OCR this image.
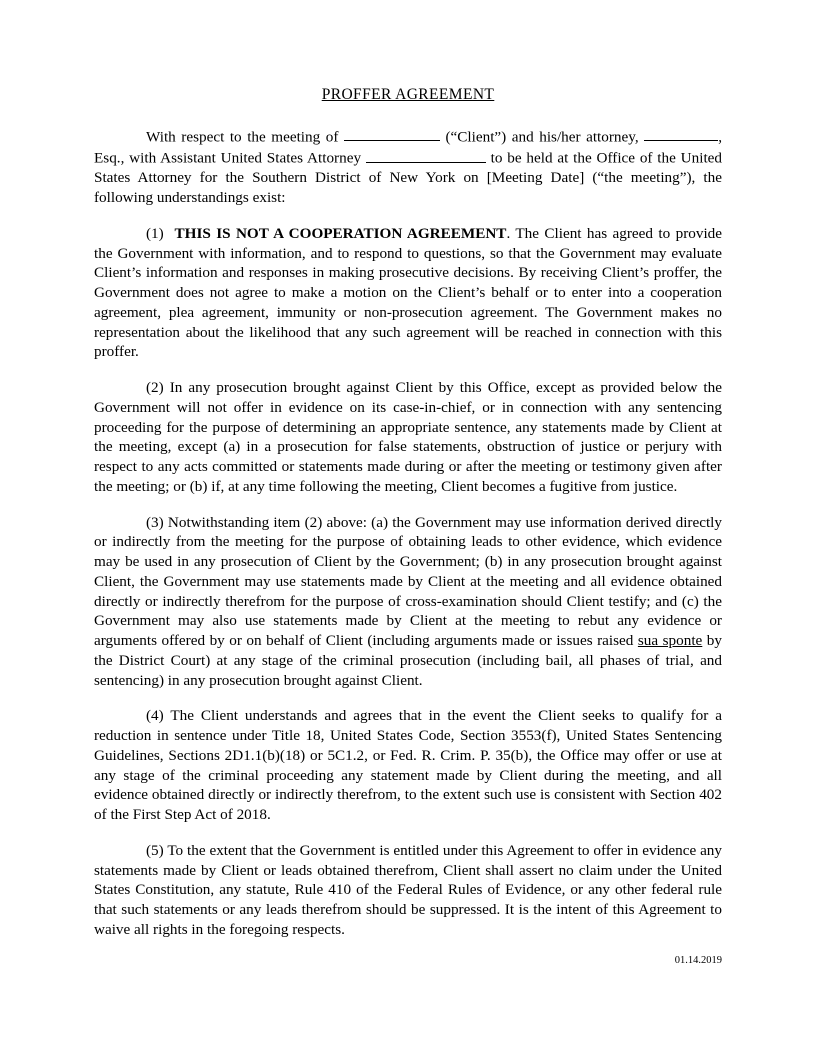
PROFFER AGREEMENT

With respect to the meeting of	(“Client”) and his/her attorney,	, Esq., with Assistant United States Attorney	to be held at the Office of the United States Attorney for the Southern District of New York on [Meeting Date] (“the meeting”), the following understandings exist:

(1) THIS IS NOT A COOPERATION AGREEMENT. The Client has agreed to provide the Government with information, and to respond to questions, so that the Government may evaluate Client’s information and responses in making prosecutive decisions. By receiving Client’s proffer, the Government does not agree to make a motion on the Client’s behalf or to enter into a cooperation agreement, plea agreement, immunity or non-prosecution agreement. The Government makes no representation about the likelihood that any such agreement will be reached in connection with this proffer.

(2) In any prosecution brought against Client by this Office, except as provided below the Government will not offer in evidence on its case-in-chief, or in connection with any sentencing proceeding for the purpose of determining an appropriate sentence, any statements made by Client at the meeting, except (a) in a prosecution for false statements, obstruction of justice or perjury with respect to any acts committed or statements made during or after the meeting or testimony given after the meeting; or (b) if, at any time following the meeting, Client becomes a fugitive from justice.

(3) Notwithstanding item (2) above: (a) the Government may use information derived directly or indirectly from the meeting for the purpose of obtaining leads to other evidence, which evidence may be used in any prosecution of Client by the Government; (b) in any prosecution brought against Client, the Government may use statements made by Client at the meeting and all evidence obtained directly or indirectly therefrom for the purpose of cross-examination should Client testify; and (c) the Government may also use statements made by Client at the meeting to rebut any evidence or arguments offered by or on behalf of Client (including arguments made or issues raised sua sponte by the District Court) at any stage of the criminal prosecution (including bail, all phases of trial, and sentencing) in any prosecution brought against Client.

(4) The Client understands and agrees that in the event the Client seeks to qualify for a reduction in sentence under Title 18, United States Code, Section 3553(f), United States Sentencing Guidelines, Sections 2D1.1(b)(18) or 5C1.2, or Fed. R. Crim. P. 35(b), the Office may offer or use at any stage of the criminal proceeding any statement made by Client during the meeting, and all evidence obtained directly or indirectly therefrom, to the extent such use is consistent with Section 402 of the First Step Act of 2018.

(5) To the extent that the Government is entitled under this Agreement to offer in evidence any statements made by Client or leads obtained therefrom, Client shall assert no claim under the United States Constitution, any statute, Rule 410 of the Federal Rules of Evidence, or any other federal rule that such statements or any leads therefrom should be suppressed. It is the intent of this Agreement to waive all rights in the foregoing respects.

01.14.2019
